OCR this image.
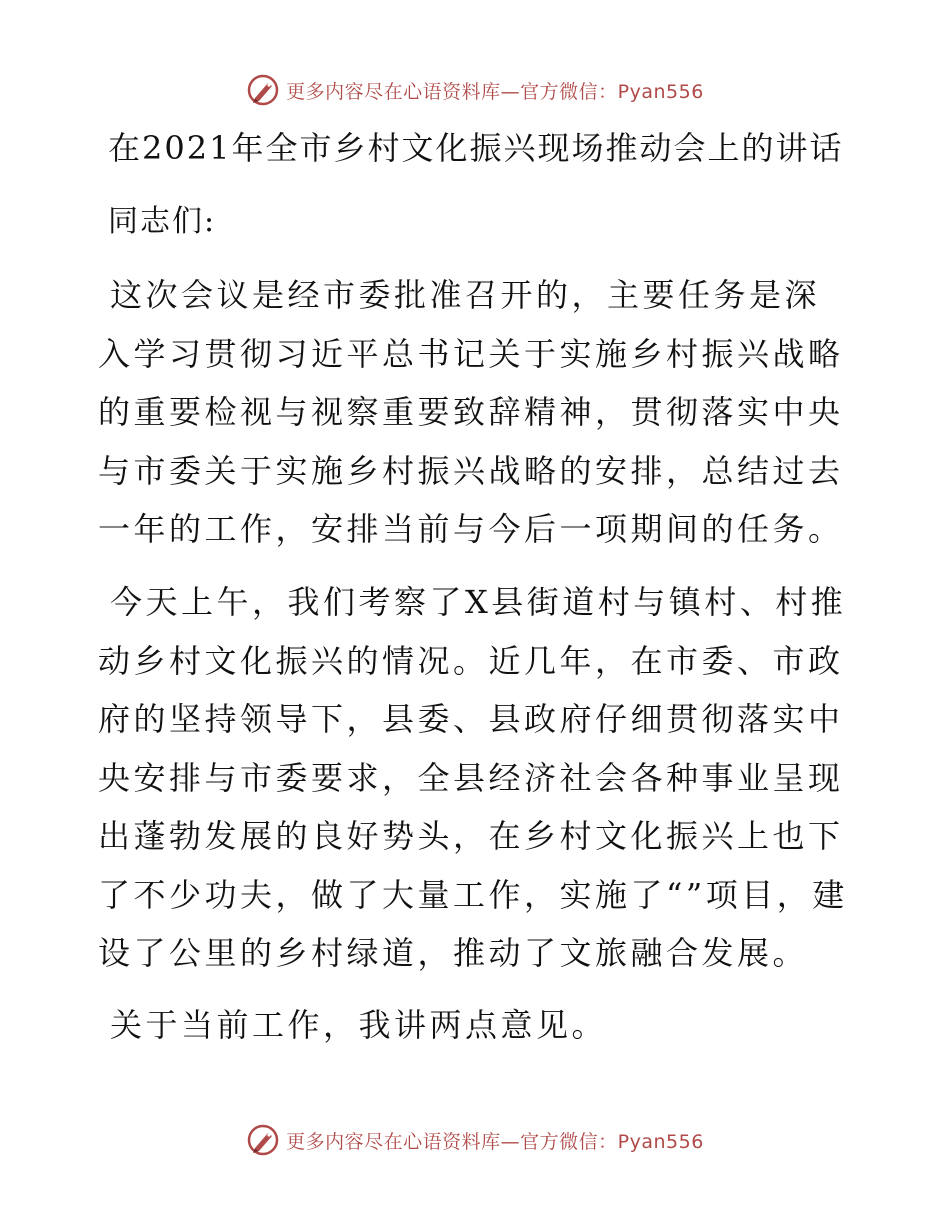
更多内容尽在心语资料库—官方微信：Pyan556
在2021年全市乡村文化振兴现场推动会上的讲话
同志们:

这次会议是经市委批准召开的，主要任务是深入学习贯彻习近平总书记关于实施乡村振兴战略的重要检视与视察重要致辞精神，贯彻落实中央与市委关于实施乡村振兴战略的安排，总结过去一年的工作，安排当前与今后一项期间的任务。

今天上午，我们考察了X县街道村与镇村、村推动乡村文化振兴的情况。近几年，在市委、市政府的坚持领导下，县委、县政府仔细贯彻落实中央安排与市委要求，全县经济社会各种事业呈现出蓬勃发展的良好势头，在乡村文化振兴上也下了不少功夫，做了大量工作，实施了“”项目，建设了公里的乡村绿道，推动了文旅融合发展。

关于当前工作，我讲两点意见。

更多内容尽在心语资料库—官方微信：Pyan556
